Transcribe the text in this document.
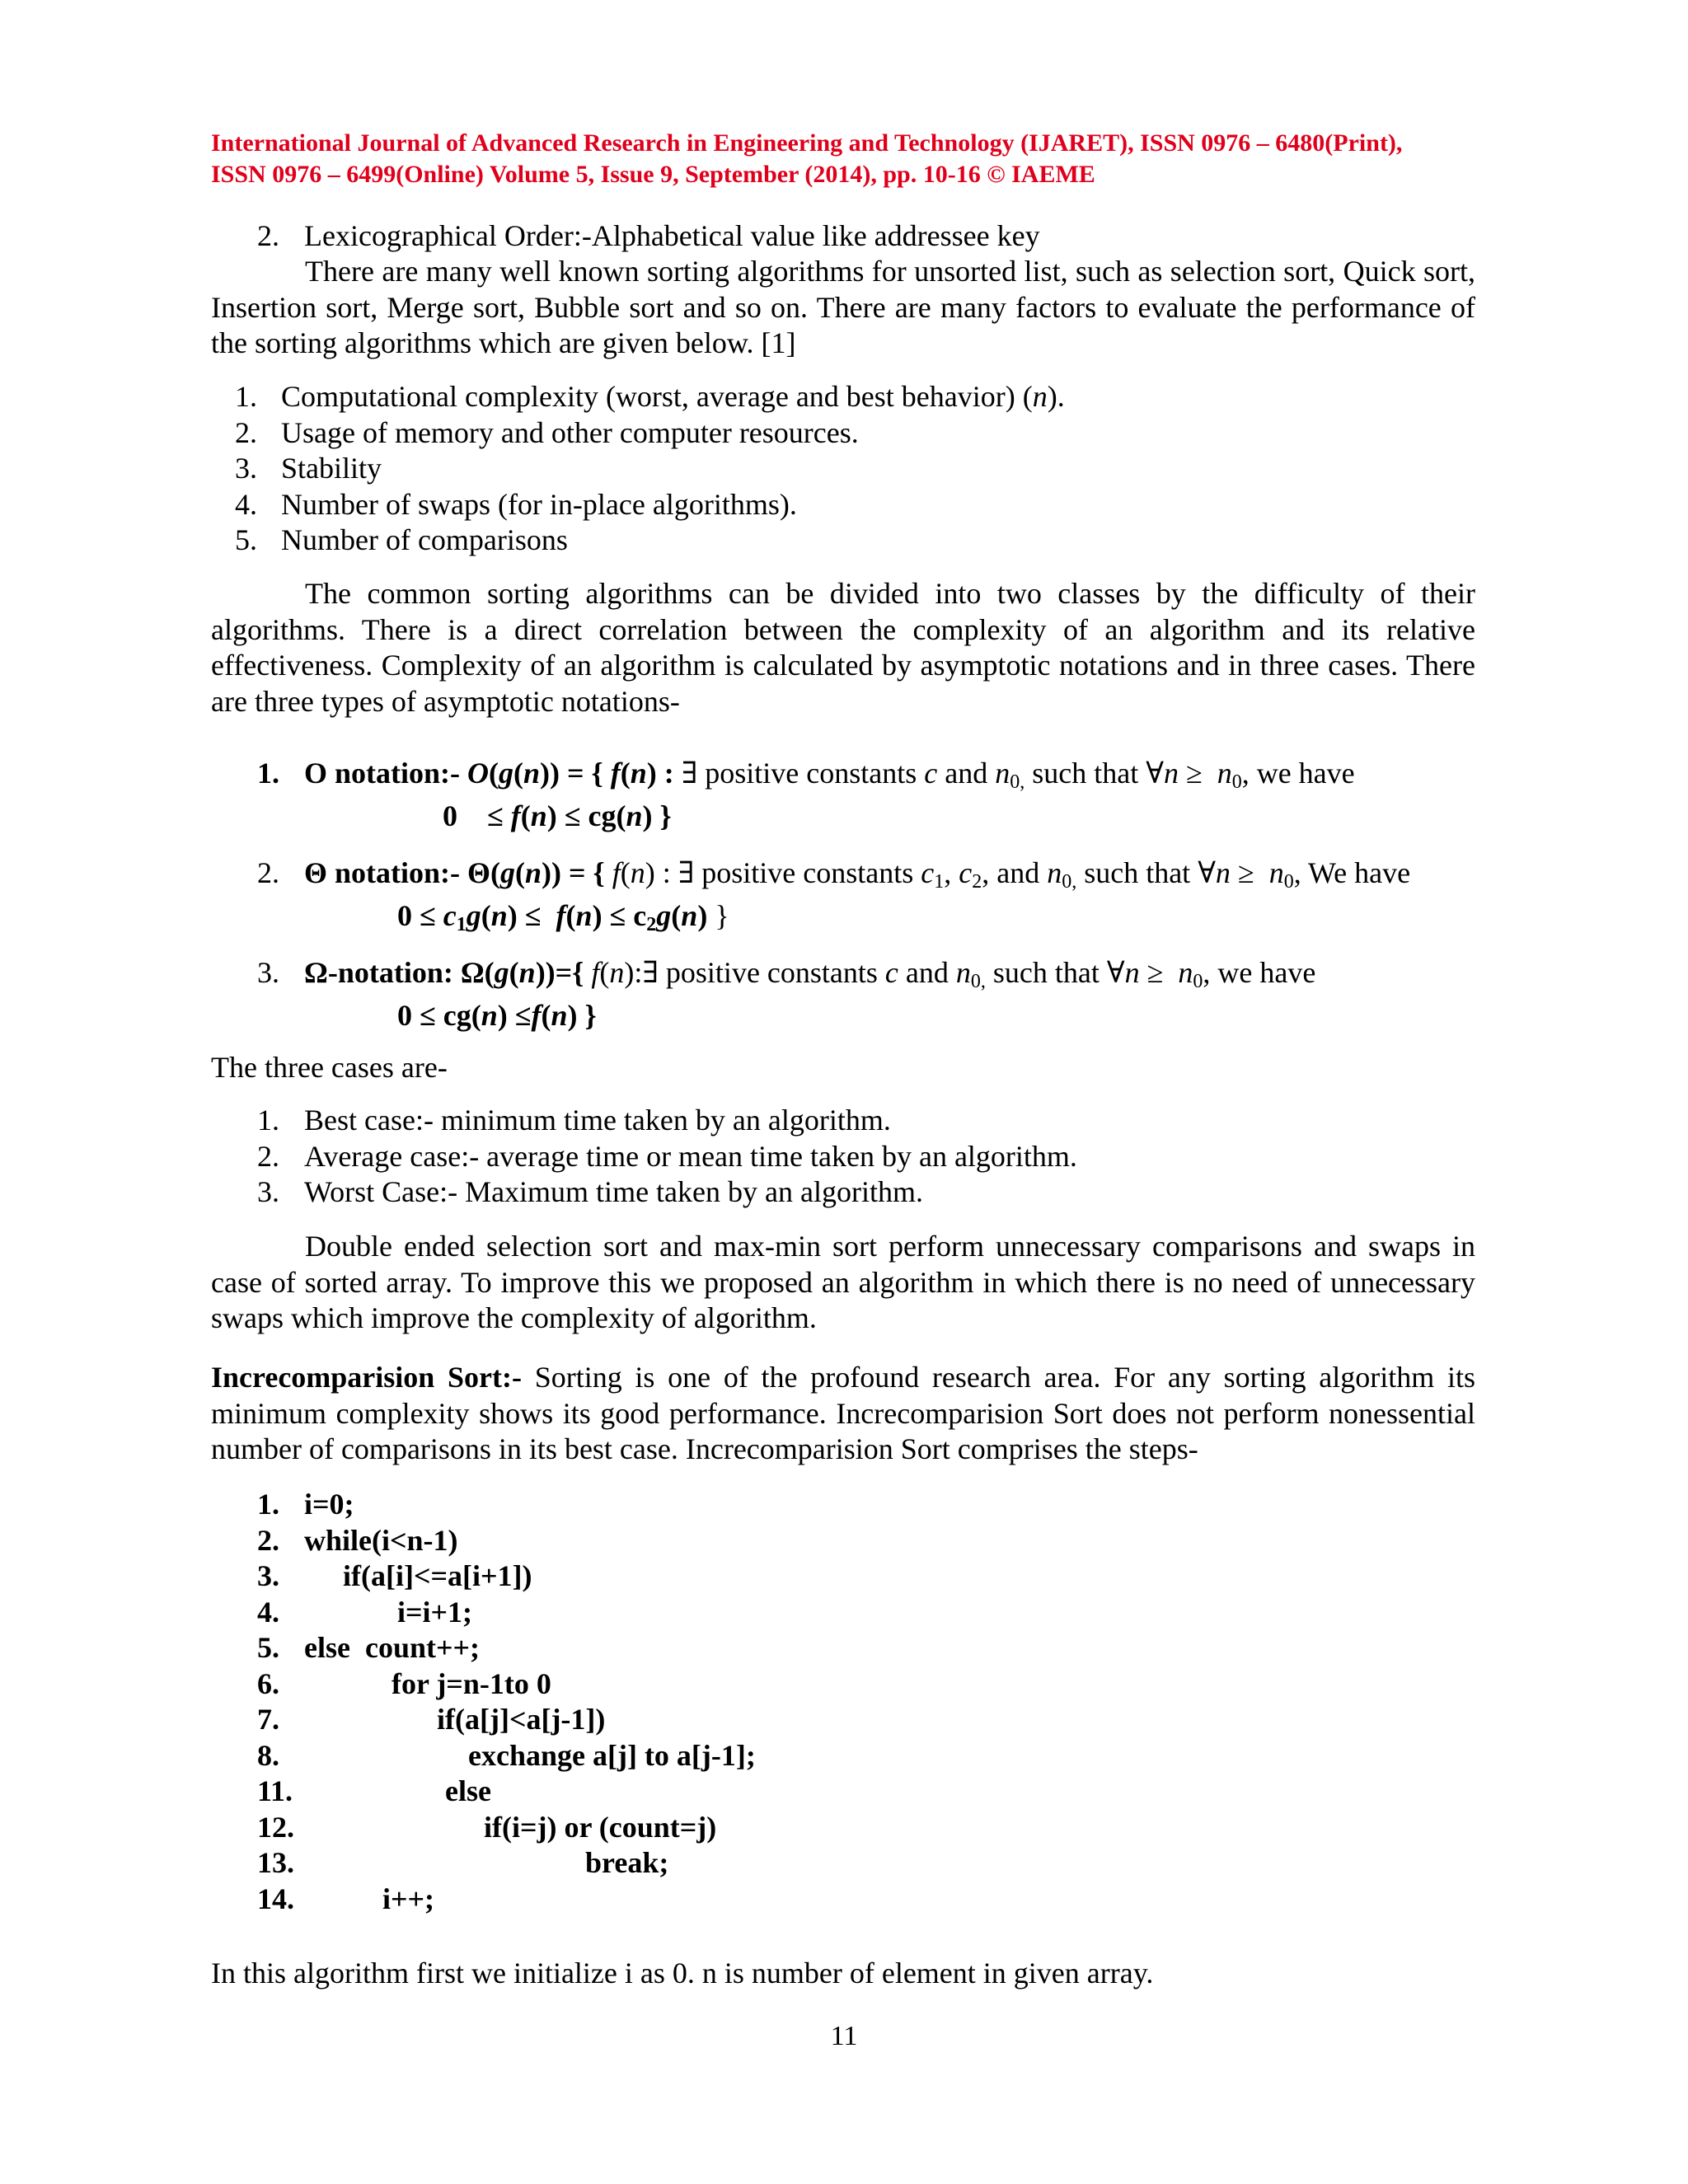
International Journal of Advanced Research in Engineering and Technology (IJARET), ISSN 0976 – 6480(Print),
ISSN 0976 – 6499(Online) Volume 5, Issue 9, September (2014), pp. 10-16 © IAEME
2. Lexicographical Order:-Alphabetical value like addressee key
There are many well known sorting algorithms for unsorted list, such as selection sort, Quick sort, Insertion sort, Merge sort, Bubble sort and so on. There are many factors to evaluate the performance of the sorting algorithms which are given below. [1]
1. Computational complexity (worst, average and best behavior) (n).
2. Usage of memory and other computer resources.
3. Stability
4. Number of swaps (for in-place algorithms).
5. Number of comparisons
The common sorting algorithms can be divided into two classes by the difficulty of their algorithms. There is a direct correlation between the complexity of an algorithm and its relative effectiveness. Complexity of an algorithm is calculated by asymptotic notations and in three cases. There are three types of asymptotic notations-
1. O notation:- O(g(n)) = { f(n) : ∃ positive constants c and $n_{0,}$ such that ∀n ≥  $n_0$, we have
0    ≤ f(n) ≤ cg(n) }
2. Θ notation:- Θ(g(n)) = { f(n) : ∃ positive constants $c_1$, $c_2$, and $n_{0,}$ such that ∀n ≥  $n_0$, We have
$0 \le c_1g(n) \le f(n) \le c_2g(n)$ }
3. Ω-notation: Ω(g(n))={ f(n):∃ positive constants c and $n_{0,}$ such that ∀n ≥  $n_0$, we have
0 ≤ cg(n) ≤f(n) }
The three cases are-
1. Best case:- minimum time taken by an algorithm.
2. Average case:- average time or mean time taken by an algorithm.
3. Worst Case:- Maximum time taken by an algorithm.
Double ended selection sort and max-min sort perform unnecessary comparisons and swaps in case of sorted array. To improve this we proposed an algorithm in which there is no need of unnecessary swaps which improve the complexity of algorithm.
Increcomparision Sort:- Sorting is one of the profound research area. For any sorting algorithm its minimum complexity shows its good performance. Increcomparision Sort does not perform nonessential number of comparisons in its best case. Increcomparision Sort comprises the steps-
1. i=0;
2. while(i<n-1)
3. if(a[i]<=a[i+1])
4.	i=i+1;
5. else  count++;
6.	for j=n-1to 0
7.	if(a[j]<a[j-1])
8.	exchange a[j] to a[j-1];
11.	else
12.	if(i=j) or (count=j)
13.	break;
14.	i++;
In this algorithm first we initialize i as 0. n is number of element in given array.
11
